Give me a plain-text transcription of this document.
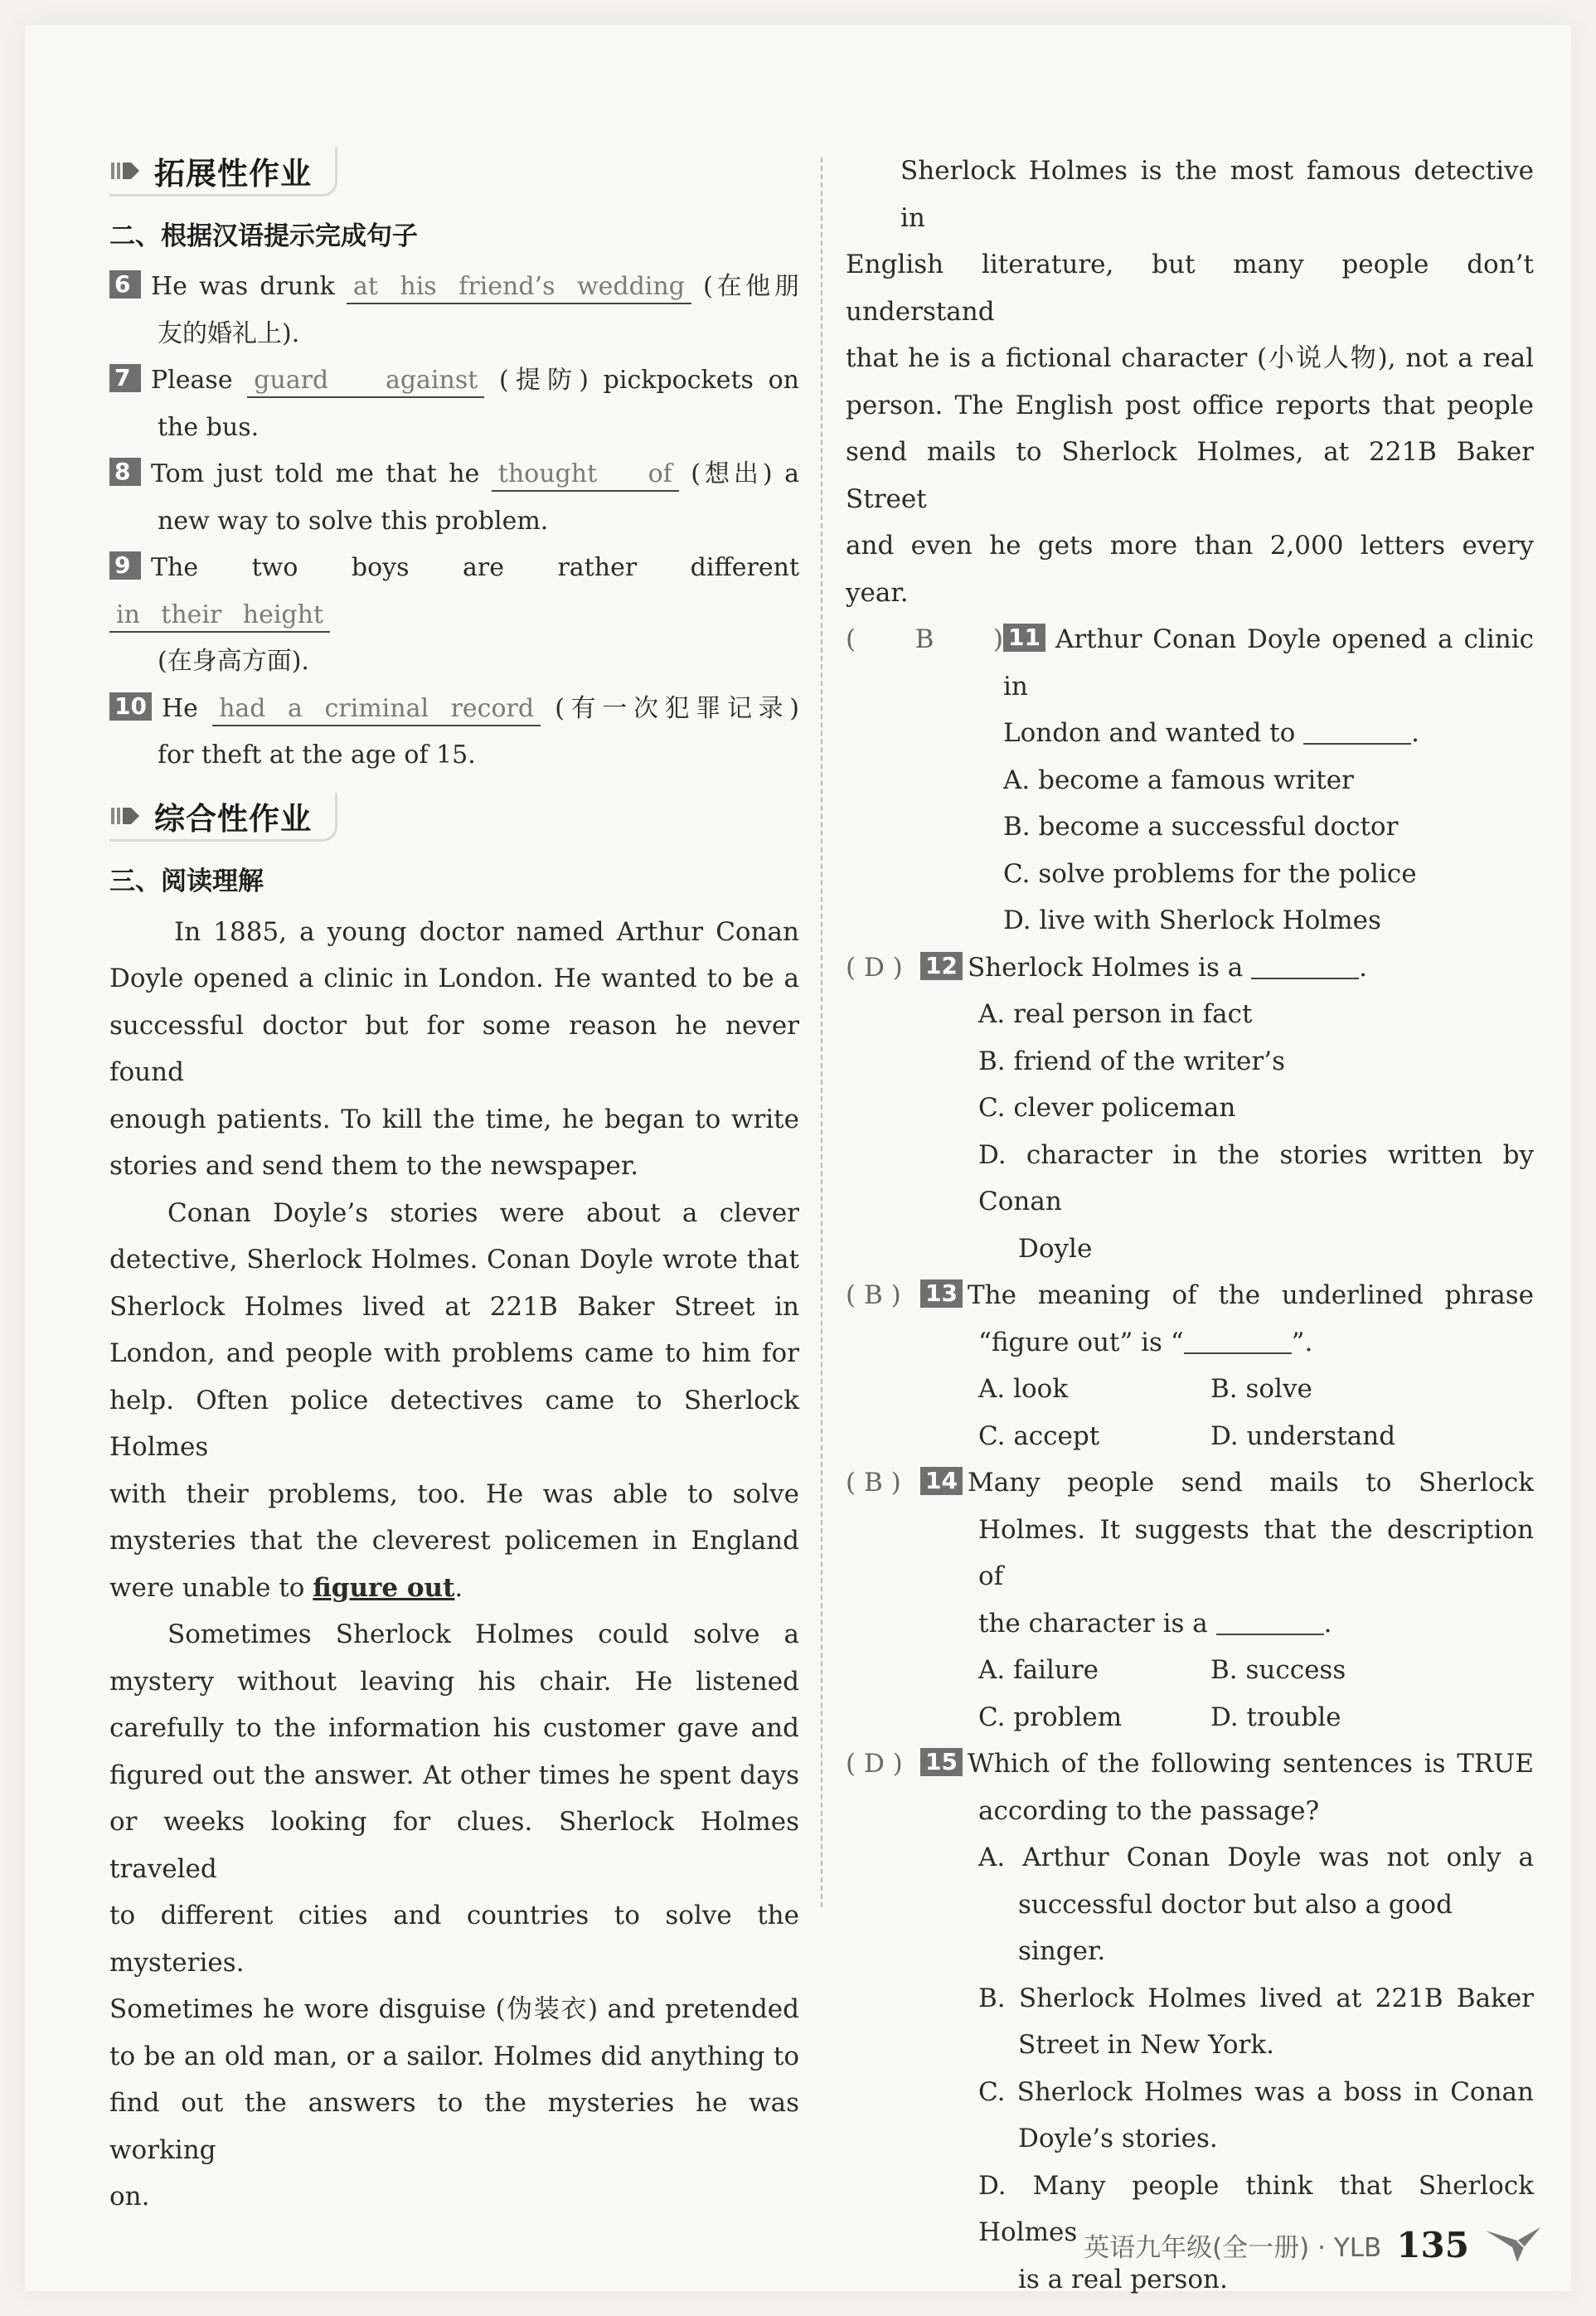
拓展性作业
二、根据汉语提示完成句子
6 He was drunk at his friend’s wedding (在他朋
友的婚礼上).
7 Please guard against (提防) pickpockets on
the bus.
8 Tom just told me that he thought of (想出) a
new way to solve this problem.
9 The two boys are rather different in their height
(在身高方面).
10 He had a criminal record (有一次犯罪记录)
for theft at the age of 15.
综合性作业
三、阅读理解
In 1885, a young doctor named Arthur Conan
Doyle opened a clinic in London. He wanted to be a
successful doctor but for some reason he never found
enough patients. To kill the time, he began to write
stories and send them to the newspaper.
Conan Doyle’s stories were about a clever
detective, Sherlock Holmes. Conan Doyle wrote that
Sherlock Holmes lived at 221B Baker Street in
London, and people with problems came to him for
help. Often police detectives came to Sherlock Holmes
with their problems, too. He was able to solve
mysteries that the cleverest policemen in England
were unable to figure out.
Sometimes Sherlock Holmes could solve a
mystery without leaving his chair. He listened
carefully to the information his customer gave and
figured out the answer. At other times he spent days
or weeks looking for clues. Sherlock Holmes traveled
to different cities and countries to solve the mysteries.
Sometimes he wore disguise (伪装衣) and pretended
to be an old man, or a sailor. Holmes did anything to
find out the answers to the mysteries he was working
on.
Sherlock Holmes is the most famous detective in
English literature, but many people don’t understand
that he is a fictional character (小说人物), not a real
person. The English post office reports that people
send mails to Sherlock Holmes, at 221B Baker Street
and even he gets more than 2,000 letters every year.
( B ) 11 Arthur Conan Doyle opened a clinic in
London and wanted to	.
A. become a famous writer
B. become a successful doctor
C. solve problems for the police
D. live with Sherlock Holmes
( D ) 12 Sherlock Holmes is a	.
A. real person in fact
B. friend of the writer’s
C. clever policeman
D. character in the stories written by Conan
Doyle
( B )	13 The meaning of the underlined phrase
“figure out” is “	”.
A. look	B. solve
C. accept	D. understand
( B )	14 Many people send mails to Sherlock
Holmes. It suggests that the description of
the character is a	.
A. failure	B. success
C. problem	D. trouble
( D ) 15 Which of the following sentences is TRUE
according to the passage?
A. Arthur Conan Doyle was not only a
successful doctor but also a good singer.
B. Sherlock Holmes lived at 221B Baker
Street in New York.
C. Sherlock Holmes was a boss in Conan
Doyle’s stories.
D. Many people think that Sherlock Holmes
is a real person.
英语九年级(全一册) · YLB 135
